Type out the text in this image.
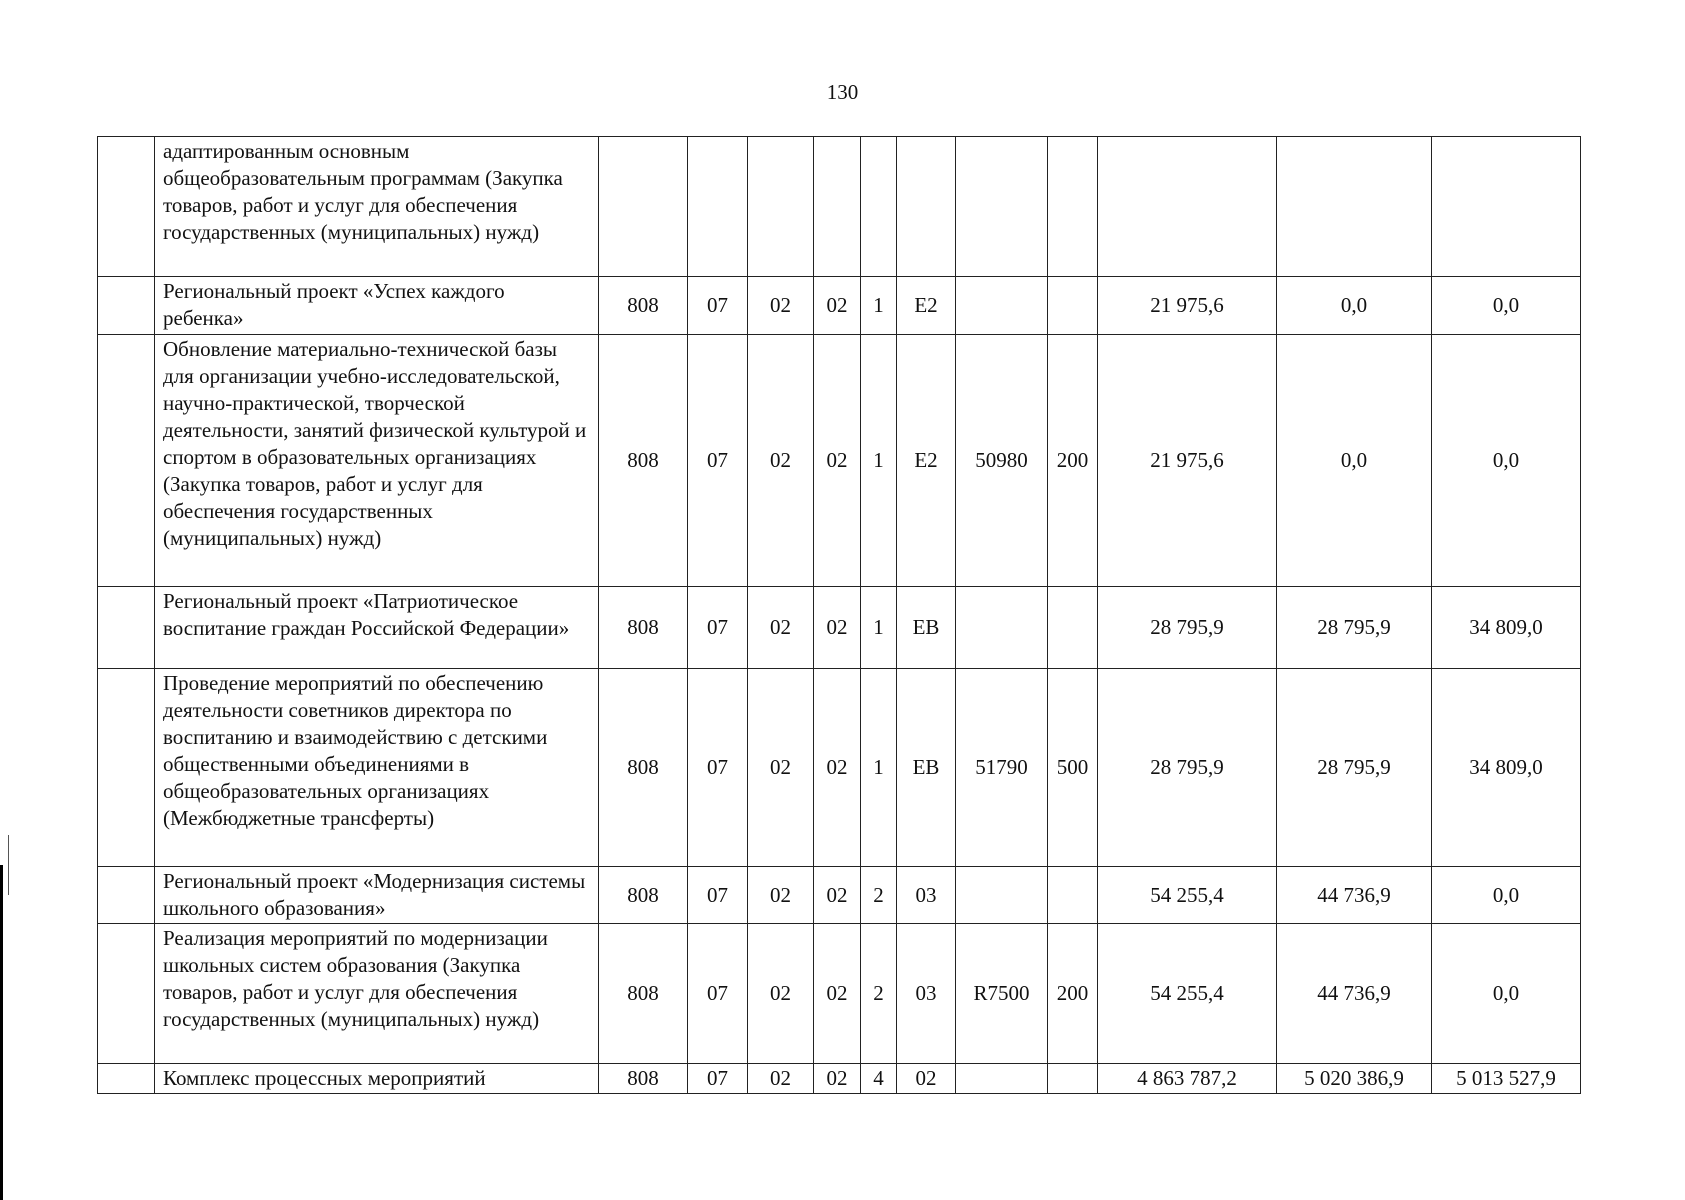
130
	адаптированным основным общеобразовательным программам (Закупка товаров, работ и услуг для обеспечения государственных (муниципальных) нужд)											
	Региональный проект «Успех каждого ребенка»	808	07	02	02	1	E2			21 975,6	0,0	0,0
	Обновление материально-технической базы для организации учебно-исследовательской, научно-практической, творческой деятельности, занятий физической культурой и спортом в образовательных организациях (Закупка товаров, работ и услуг для обеспечения государственных (муниципальных) нужд)	808	07	02	02	1	E2	50980	200	21 975,6	0,0	0,0
	Региональный проект «Патриотическое воспитание граждан Российской Федерации»	808	07	02	02	1	EB			28 795,9	28 795,9	34 809,0
	Проведение мероприятий по обеспечению деятельности советников директора по воспитанию и взаимодействию с детскими общественными объединениями в общеобразовательных организациях (Межбюджетные трансферты)	808	07	02	02	1	EB	51790	500	28 795,9	28 795,9	34 809,0
	Региональный проект «Модернизация системы школьного образования»	808	07	02	02	2	03			54 255,4	44 736,9	0,0
	Реализация мероприятий по модернизации школьных систем образования (Закупка товаров, работ и услуг для обеспечения государственных (муниципальных) нужд)	808	07	02	02	2	03	R7500	200	54 255,4	44 736,9	0,0
	Комплекс процессных мероприятий	808	07	02	02	4	02			4 863 787,2	5 020 386,9	5 013 527,9
